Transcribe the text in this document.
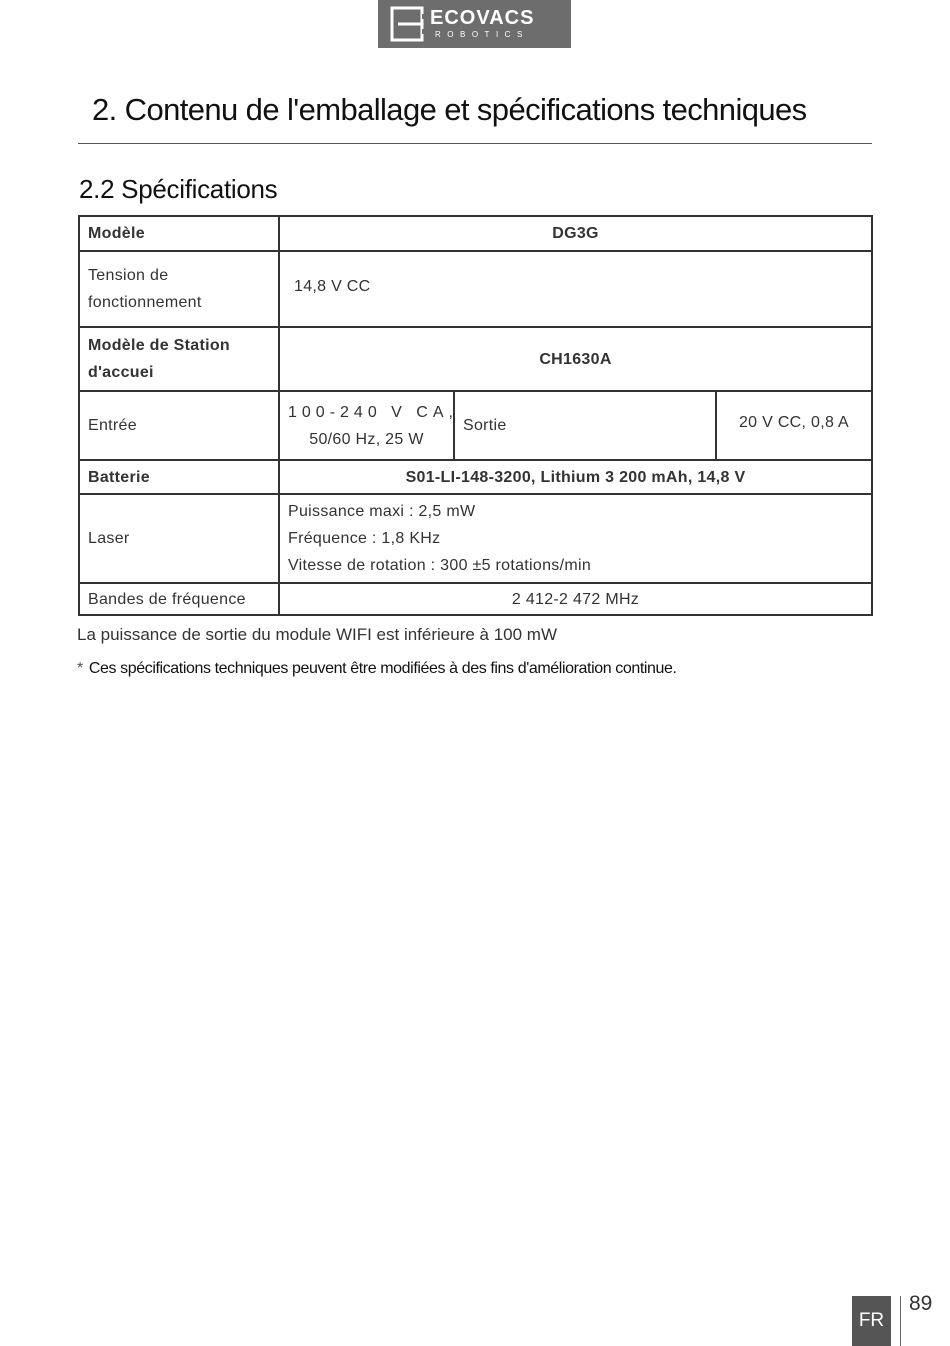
ECOVACS
ROBOTICS
2. Contenu de l'emballage et spécifications techniques
2.2 Spécifications
Modèle	DG3G		

Tension de
fonctionnement	14,8 V CC		

Modèle de Station
d'accuei	CH1630A		
Entrée	100-240 V CA,
50/60 Hz, 25 W	Sortie	20 V CC, 0,8 A
Batterie	S01-LI-148-3200, Lithium 3 200 mAh, 14,8 V		
Laser	Puissance maxi : 2,5 mW
Fréquence : 1,8 KHz
Vitesse de rotation : 300 ±5 rotations/min		

Bandes de fréquence	2 412-2 472 MHz		

La puissance de sortie du module WIFI est inférieure à 100 mW

* Ces spécifications techniques peuvent être modifiées à des fins d'amélioration continue.

FR
89
